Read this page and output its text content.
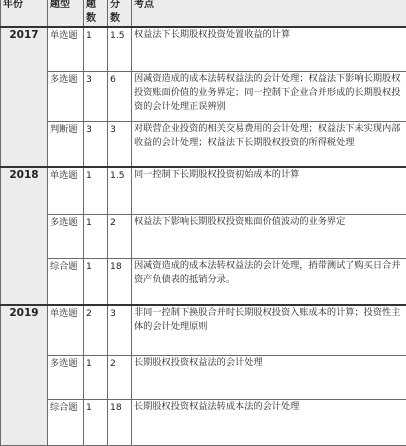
年份	题型	题数	分数	考点
2017	单选题	1	1.5	权益法下长期股权投资处置收益的计算
	多选题	3	6	因减资造成的成本法转权益法的会计处理；权益法下影响长期股权投资账面价值的业务界定；同一控制下企业合并形成的长期股权投资的会计处理正误辨别
	判断题	3	3	对联营企业投资的相关交易费用的会计处理；权益法下未实现内部收益的会计处理；权益法下长期股权投资的所得税处理
2018	单选题	1	1.5	同一控制下长期股权投资初始成本的计算
	多选题	1	2	权益法下影响长期股权投资账面价值波动的业务界定
	综合题	1	18	因减资造成的成本法转权益法的会计处理，捎带测试了购买日合并资产负债表的抵销分录。
2019	单选题	2	3	非同一控制下换股合并时长期股权投资入账成本的计算；投资性主体的会计处理原则
	多选题	1	2	长期股权投资权益法的会计处理
	综合题	1	18	长期股权投资权益法转成本法的会计处理
